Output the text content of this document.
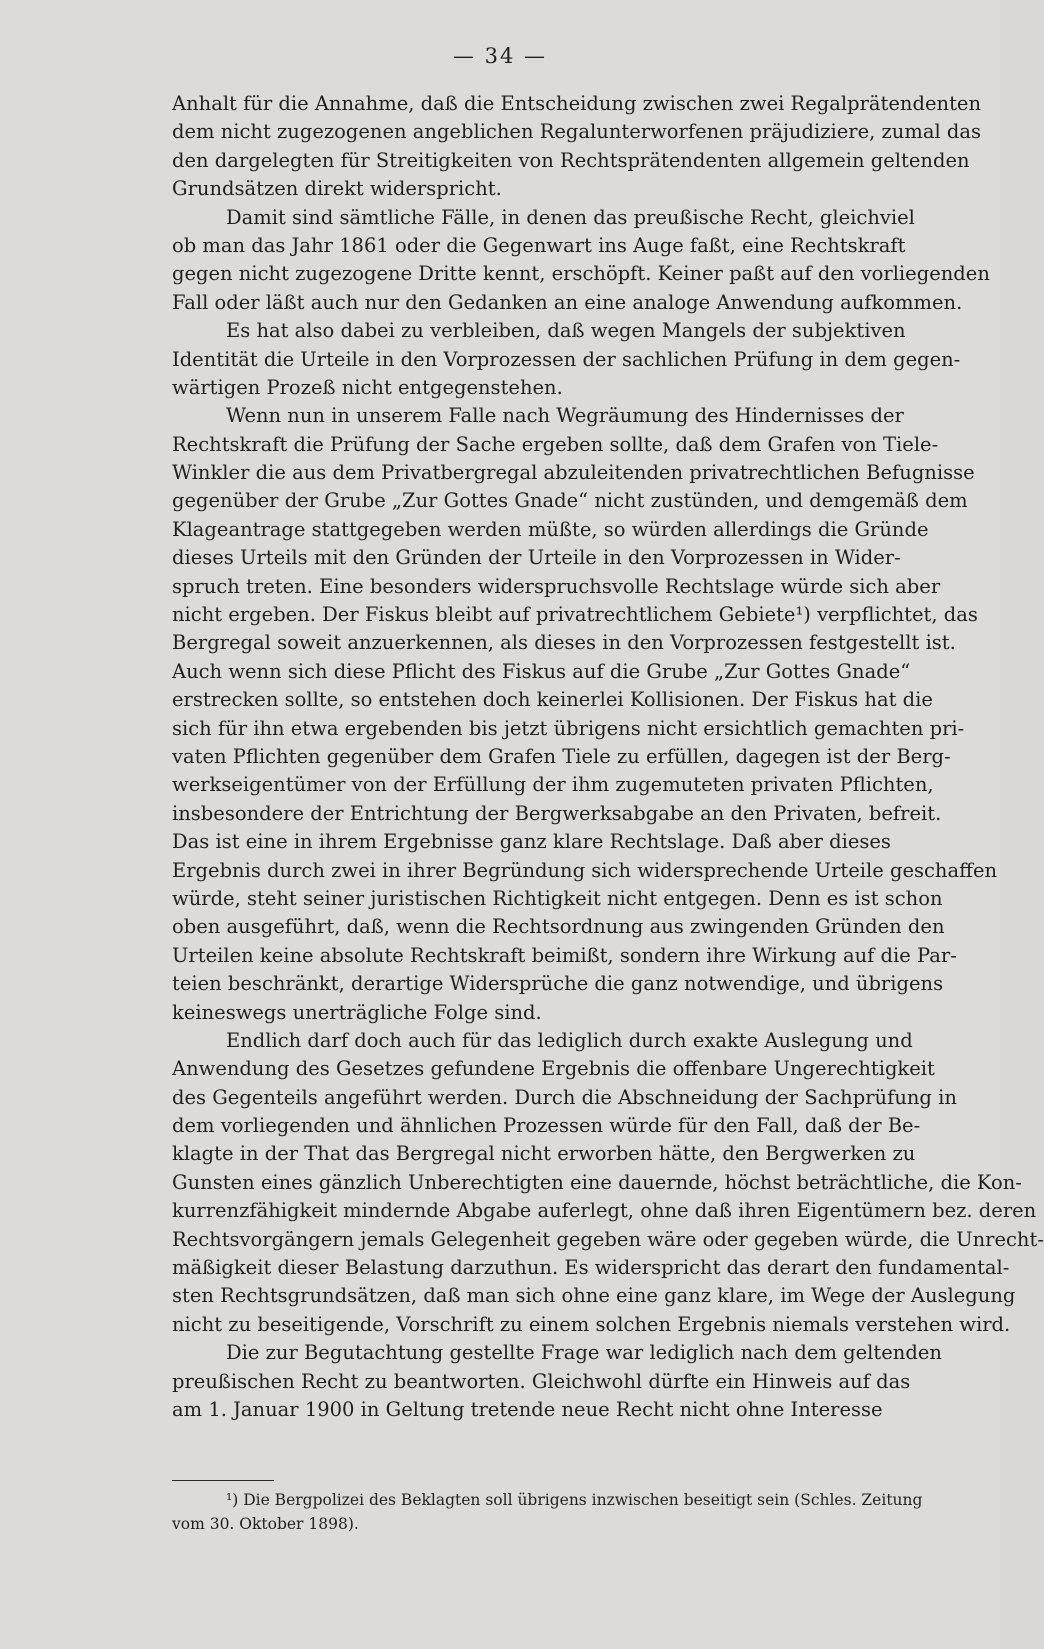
— 34 —
Anhalt für die Annahme, daß die Entscheidung zwischen zwei Regalprätendenten
dem nicht zugezogenen angeblichen Regalunterworfenen präjudiziere, zumal das
den dargelegten für Streitigkeiten von Rechtsprätendenten allgemein geltenden
Grundsätzen direkt widerspricht.
Damit sind sämtliche Fälle, in denen das preußische Recht, gleichviel
ob man das Jahr 1861 oder die Gegenwart ins Auge faßt, eine Rechtskraft
gegen nicht zugezogene Dritte kennt, erschöpft. Keiner paßt auf den vorliegenden
Fall oder läßt auch nur den Gedanken an eine analoge Anwendung aufkommen.
Es hat also dabei zu verbleiben, daß wegen Mangels der subjektiven
Identität die Urteile in den Vorprozessen der sachlichen Prüfung in dem gegen-
wärtigen Prozeß nicht entgegenstehen.
Wenn nun in unserem Falle nach Wegräumung des Hindernisses der
Rechtskraft die Prüfung der Sache ergeben sollte, daß dem Grafen von Tiele-
Winkler die aus dem Privatbergregal abzuleitenden privatrechtlichen Befugnisse
gegenüber der Grube „Zur Gottes Gnade“ nicht zustünden, und demgemäß dem
Klageantrage stattgegeben werden müßte, so würden allerdings die Gründe
dieses Urteils mit den Gründen der Urteile in den Vorprozessen in Wider-
spruch treten. Eine besonders widerspruchsvolle Rechtslage würde sich aber
nicht ergeben. Der Fiskus bleibt auf privatrechtlichem Gebiete¹) verpflichtet, das
Bergregal soweit anzuerkennen, als dieses in den Vorprozessen festgestellt ist.
Auch wenn sich diese Pflicht des Fiskus auf die Grube „Zur Gottes Gnade“
erstrecken sollte, so entstehen doch keinerlei Kollisionen. Der Fiskus hat die
sich für ihn etwa ergebenden bis jetzt übrigens nicht ersichtlich gemachten pri-
vaten Pflichten gegenüber dem Grafen Tiele zu erfüllen, dagegen ist der Berg-
werkseigentümer von der Erfüllung der ihm zugemuteten privaten Pflichten,
insbesondere der Entrichtung der Bergwerksabgabe an den Privaten, befreit.
Das ist eine in ihrem Ergebnisse ganz klare Rechtslage. Daß aber dieses
Ergebnis durch zwei in ihrer Begründung sich widersprechende Urteile geschaffen
würde, steht seiner juristischen Richtigkeit nicht entgegen. Denn es ist schon
oben ausgeführt, daß, wenn die Rechtsordnung aus zwingenden Gründen den
Urteilen keine absolute Rechtskraft beimißt, sondern ihre Wirkung auf die Par-
teien beschränkt, derartige Widersprüche die ganz notwendige, und übrigens
keineswegs unerträgliche Folge sind.
Endlich darf doch auch für das lediglich durch exakte Auslegung und
Anwendung des Gesetzes gefundene Ergebnis die offenbare Ungerechtigkeit
des Gegenteils angeführt werden. Durch die Abschneidung der Sachprüfung in
dem vorliegenden und ähnlichen Prozessen würde für den Fall, daß der Be-
klagte in der That das Bergregal nicht erworben hätte, den Bergwerken zu
Gunsten eines gänzlich Unberechtigten eine dauernde, höchst beträchtliche, die Kon-
kurrenzfähigkeit mindernde Abgabe auferlegt, ohne daß ihren Eigentümern bez. deren
Rechtsvorgängern jemals Gelegenheit gegeben wäre oder gegeben würde, die Unrecht-
mäßigkeit dieser Belastung darzuthun. Es widerspricht das derart den fundamental-
sten Rechtsgrundsätzen, daß man sich ohne eine ganz klare, im Wege der Auslegung
nicht zu beseitigende, Vorschrift zu einem solchen Ergebnis niemals verstehen wird.
Die zur Begutachtung gestellte Frage war lediglich nach dem geltenden
preußischen Recht zu beantworten. Gleichwohl dürfte ein Hinweis auf das
am 1. Januar 1900 in Geltung tretende neue Recht nicht ohne Interesse
¹) Die Bergpolizei des Beklagten soll übrigens inzwischen beseitigt sein (Schles. Zeitung
vom 30. Oktober 1898).
